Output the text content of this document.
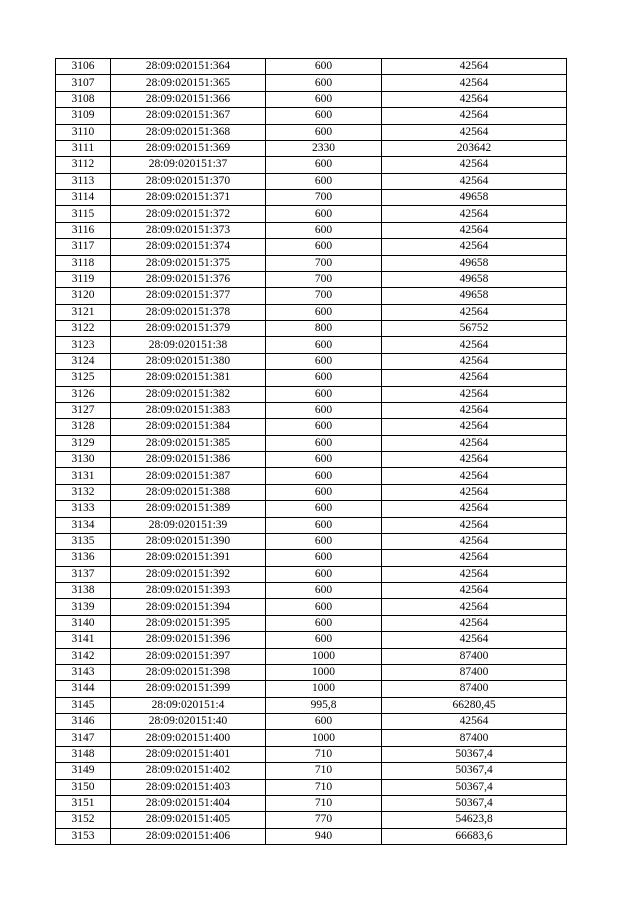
3106	28:09:020151:364	600	42564
3107	28:09:020151:365	600	42564
3108	28:09:020151:366	600	42564
3109	28:09:020151:367	600	42564
3110	28:09:020151:368	600	42564
3111	28:09:020151:369	2330	203642
3112	28:09:020151:37	600	42564
3113	28:09:020151:370	600	42564
3114	28:09:020151:371	700	49658
3115	28:09:020151:372	600	42564
3116	28:09:020151:373	600	42564
3117	28:09:020151:374	600	42564
3118	28:09:020151:375	700	49658
3119	28:09:020151:376	700	49658
3120	28:09:020151:377	700	49658
3121	28:09:020151:378	600	42564
3122	28:09:020151:379	800	56752
3123	28:09:020151:38	600	42564
3124	28:09:020151:380	600	42564
3125	28:09:020151:381	600	42564
3126	28:09:020151:382	600	42564
3127	28:09:020151:383	600	42564
3128	28:09:020151:384	600	42564
3129	28:09:020151:385	600	42564
3130	28:09:020151:386	600	42564
3131	28:09:020151:387	600	42564
3132	28:09:020151:388	600	42564
3133	28:09:020151:389	600	42564
3134	28:09:020151:39	600	42564
3135	28:09:020151:390	600	42564
3136	28:09:020151:391	600	42564
3137	28:09:020151:392	600	42564
3138	28:09:020151:393	600	42564
3139	28:09:020151:394	600	42564
3140	28:09:020151:395	600	42564
3141	28:09:020151:396	600	42564
3142	28:09:020151:397	1000	87400
3143	28:09:020151:398	1000	87400
3144	28:09:020151:399	1000	87400
3145	28:09:020151:4	995,8	66280,45
3146	28:09:020151:40	600	42564
3147	28:09:020151:400	1000	87400
3148	28:09:020151:401	710	50367,4
3149	28:09:020151:402	710	50367,4
3150	28:09:020151:403	710	50367,4
3151	28:09:020151:404	710	50367,4
3152	28:09:020151:405	770	54623,8
3153	28:09:020151:406	940	66683,6
